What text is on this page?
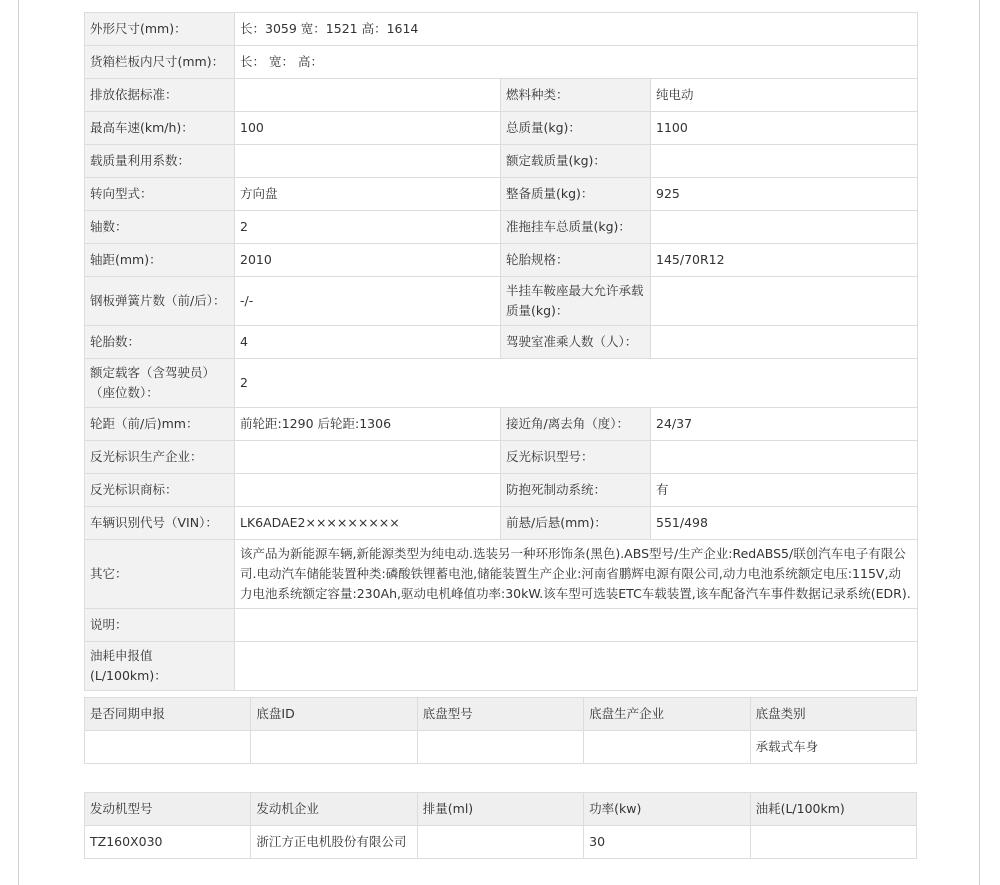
外形尺寸(mm)：	长：3059 宽：1521 高：1614		
货箱栏板内尺寸(mm)：	长： 宽： 高：		
排放依据标准：		燃料种类：	纯电动
最高车速(km/h)：	100	总质量(kg)：	1100
载质量利用系数：		额定载质量(kg)：	
转向型式：	方向盘	整备质量(kg)：	925
轴数：	2	准拖挂车总质量(kg)：	
轴距(mm)：	2010	轮胎规格：	145/70R12
钢板弹簧片数（前/后）：	-/-	半挂车鞍座最大允许承载质量(kg)：	
轮胎数：	4	驾驶室准乘人数（人）：	
额定载客（含驾驶员）（座位数）：	2		
轮距（前/后)mm：	前轮距:1290 后轮距:1306	接近角/离去角（度）：	24/37
反光标识生产企业：		反光标识型号：	
反光标识商标：		防抱死制动系统：	有
车辆识别代号（VIN）：	LK6ADAE2×××××××××	前悬/后悬(mm)：	551/498
其它：	该产品为新能源车辆,新能源类型为纯电动.选装另一种环形饰条(黑色).ABS型号/生产企业:RedABS5/联创汽车电子有限公司.电动汽车储能装置种类:磷酸铁锂蓄电池,储能装置生产企业:河南省鹏辉电源有限公司,动力电池系统额定电压:115V,动力电池系统额定容量:230Ah,驱动电机峰值功率:30kW.该车型可选装ETC车载装置,该车配备汽车事件数据记录系统(EDR).		
说明：			
油耗申报值(L/100km)：			
是否同期申报	底盘ID	底盘型号	底盘生产企业	底盘类别
				承载式车身
发动机型号	发动机企业	排量(ml)	功率(kw)	油耗(L/100km)
TZ160X030	浙江方正电机股份有限公司		30	
